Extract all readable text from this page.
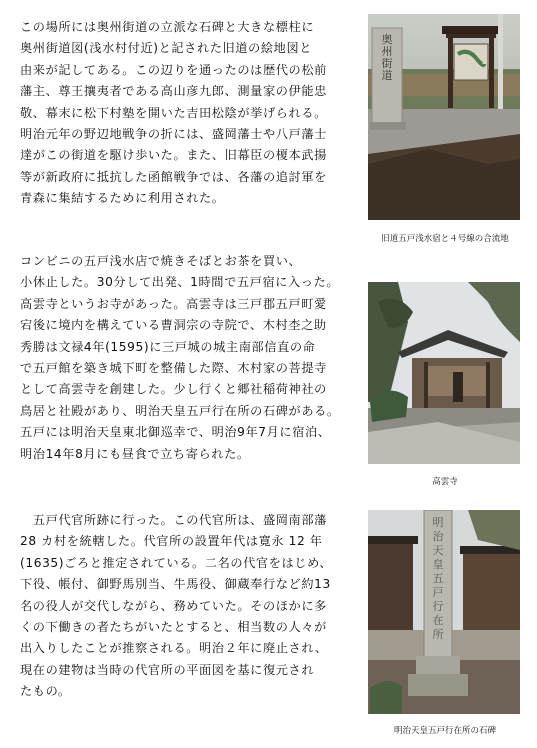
この場所には奥州街道の立派な石碑と大きな標柱に
奥州街道図(浅水村付近)と記された旧道の絵地図と
由来が記してある。この辺りを通ったのは歴代の松前
藩主、尊王攘夷者である高山彦九郎、測量家の伊能忠
敬、幕末に松下村塾を開いた吉田松陰が挙げられる。
明治元年の野辺地戦争の折には、盛岡藩士や八戸藩士
達がこの街道を駆け歩いた。また、旧幕臣の榎本武揚
等が新政府に抵抗した函館戦争では、各藩の追討軍を
青森に集結するために利用された。
奥州街道
旧道五戸浅水宿と４号線の合流地
コンビニの五戸浅水店で焼きそばとお茶を買い、
小休止した。30分して出発、1時間で五戸宿に入った。
高雲寺というお寺があった。高雲寺は三戸郡五戸町愛
宕後に境内を構えている曹洞宗の寺院で、木村杢之助
秀勝は文禄4年(1595)に三戸城の城主南部信直の命
で五戸館を築き城下町を整備した際、木村家の菩提寺
として高雲寺を創建した。少し行くと郷社稲荷神社の
鳥居と社殿があり、明治天皇五戸行在所の石碑がある。
五戸には明治天皇東北御巡幸で、明治9年7月に宿泊、
明治14年8月にも昼食で立ち寄られた。
高雲寺
　五戸代官所跡に行った。この代官所は、盛岡南部藩
28 カ村を統轄した。代官所の設置年代は寛永 12 年
(1635)ごろと推定されている。二名の代官をはじめ、
下役、帳付、御野馬別当、牛馬役、御蔵奉行など約13
名の役人が交代しながら、務めていた。そのほかに多
くの下働きの者たちがいたとすると、相当数の人々が
出入りしたことが推察される。明治２年に廃止され、
現在の建物は当時の代官所の平面図を基に復元され
たもの。
明治天皇五戸行在所
明治天皇五戸行在所の石碑
